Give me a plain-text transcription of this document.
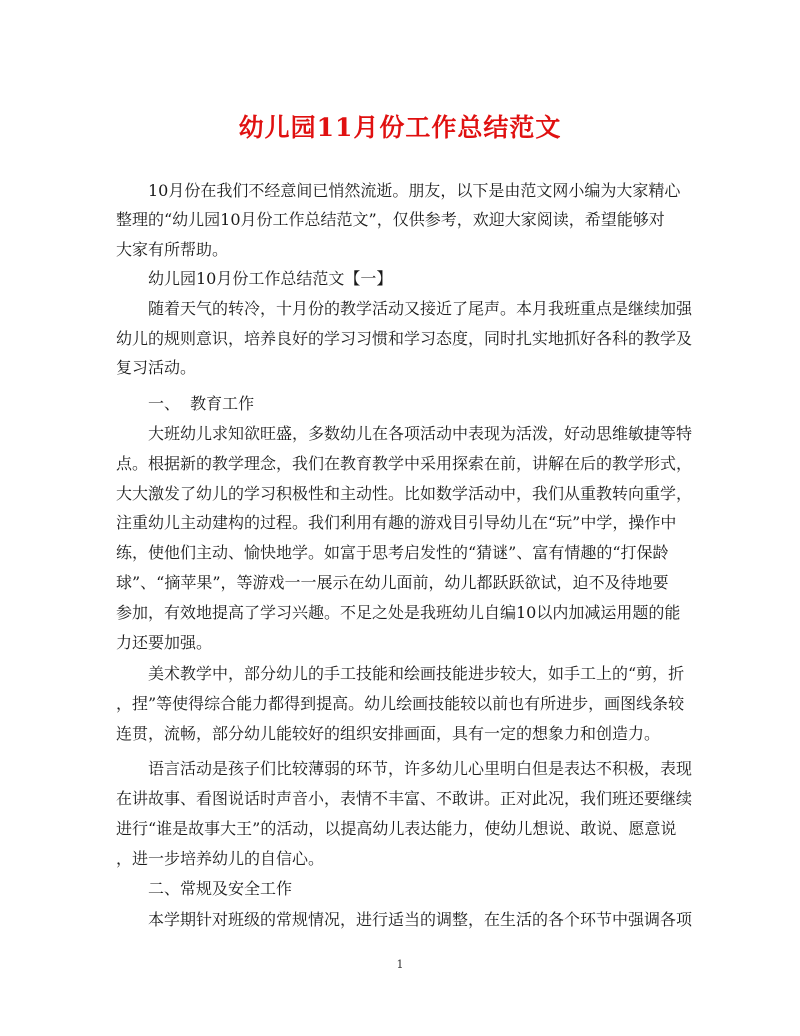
幼儿园11月份工作总结范文
10月份在我们不经意间已悄然流逝。朋友，以下是由范文网小编为大家精心
整理的“幼儿园10月份工作总结范文”，仅供参考，欢迎大家阅读，希望能够对
大家有所帮助。
幼儿园10月份工作总结范文【一】
随着天气的转冷，十月份的教学活动又接近了尾声。本月我班重点是继续加强
幼儿的规则意识，培养良好的学习习惯和学习态度，同时扎实地抓好各科的教学及
复习活动。
一、  教育工作
大班幼儿求知欲旺盛，多数幼儿在各项活动中表现为活泼，好动思维敏捷等特
点。根据新的教学理念，我们在教育教学中采用探索在前，讲解在后的教学形式，
大大激发了幼儿的学习积极性和主动性。比如数学活动中，我们从重教转向重学，
注重幼儿主动建构的过程。我们利用有趣的游戏目引导幼儿在“玩”中学，操作中
练，使他们主动、愉快地学。如富于思考启发性的“猜谜”、富有情趣的“打保龄
球”、“摘苹果”，等游戏一一展示在幼儿面前，幼儿都跃跃欲试，迫不及待地要
参加，有效地提高了学习兴趣。不足之处是我班幼儿自编10以内加减运用题的能
力还要加强。
美术教学中，部分幼儿的手工技能和绘画技能进步较大，如手工上的“剪，折
，捏”等使得综合能力都得到提高。幼儿绘画技能较以前也有所进步，画图线条较
连贯，流畅，部分幼儿能较好的组织安排画面，具有一定的想象力和创造力。
语言活动是孩子们比较薄弱的环节，许多幼儿心里明白但是表达不积极，表现
在讲故事、看图说话时声音小，表情不丰富、不敢讲。正对此况，我们班还要继续
进行“谁是故事大王”的活动，以提高幼儿表达能力，使幼儿想说、敢说、愿意说
，进一步培养幼儿的自信心。
二、常规及安全工作
本学期针对班级的常规情况，进行适当的调整，在生活的各个环节中强调各项
1
